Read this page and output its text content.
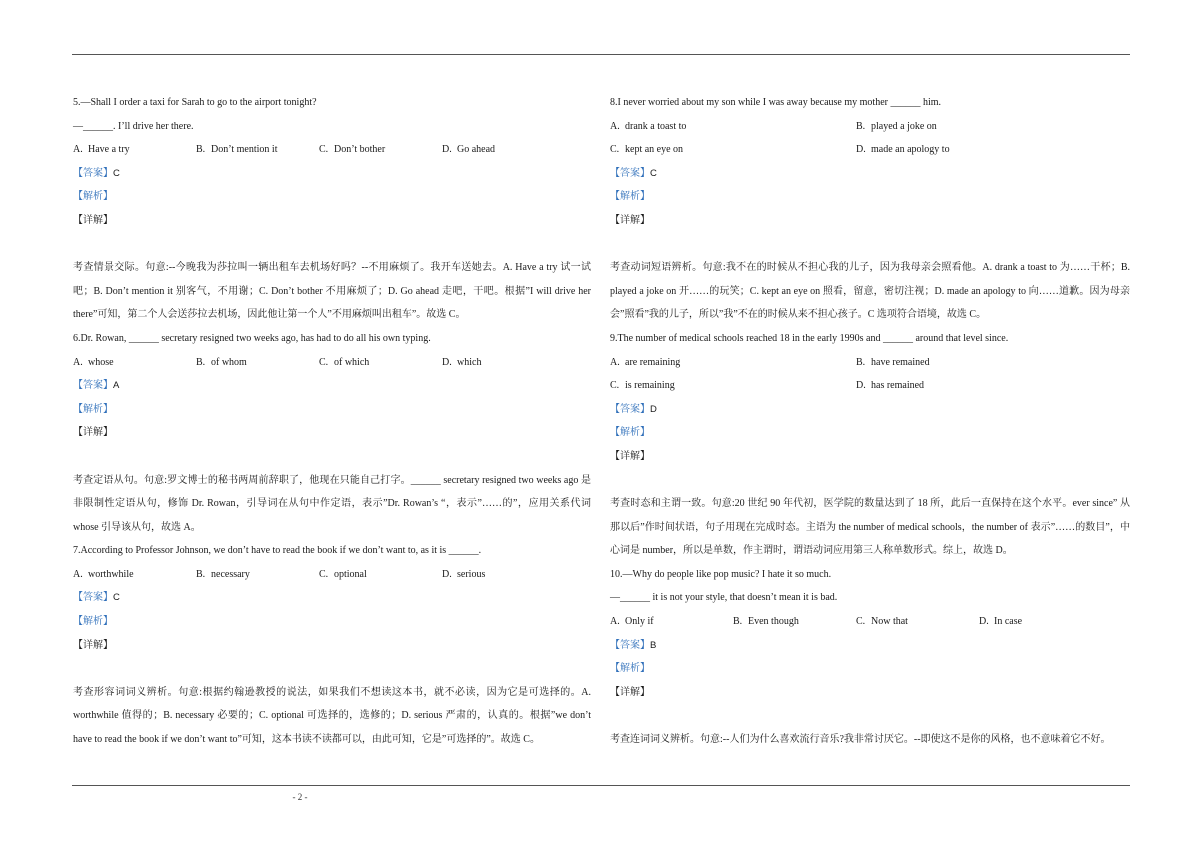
5.—Shall I order a taxi for Sarah to go to the airport tonight?
—______. I’ll drive her there.
A. Have a try	B. Don’t mention it	C. Don’t bother	D. Go ahead
【答案】C
【解析】
【详解】
考查情景交际。句意:--今晚我为莎拉叫一辆出租车去机场好吗？--不用麻烦了。我开车送她去。A. Have a try 试一试吧；B. Don’t mention it 别客气，不用谢；C. Don’t bother 不用麻烦了；D. Go ahead 走吧，干吧。根据”I will drive her there”可知，第二个人会送莎拉去机场，因此他让第一个人”不用麻烦叫出租车”。故选 C。
6.Dr. Rowan, ______ secretary resigned two weeks ago, has had to do all his own typing.
A. whose	B. of whom	C. of which	D. which
【答案】A
【解析】
【详解】
考查定语从句。句意:罗文博士的秘书两周前辞职了，他现在只能自己打字。______ secretary resigned two weeks ago 是非限制性定语从句，修饰 Dr. Rowan，引导词在从句中作定语，表示”Dr. Rowan’s “，表示”……的”，应用关系代词 whose 引导该从句，故选 A。
7.According to Professor Johnson, we don’t have to read the book if we don’t want to, as it is ______.
A. worthwhile	B. necessary	C. optional	D. serious
【答案】C
【解析】
【详解】
考查形容词词义辨析。句意:根据约翰逊教授的说法，如果我们不想读这本书，就不必读，因为它是可选择的。A. worthwhile 值得的；B. necessary 必要的；C. optional 可选择的，选修的；D. serious 严肃的，认真的。根据”we don’t have to read the book if we don’t want to”可知，这本书读不读都可以，由此可知，它是”可选择的”。故选 C。
8.I never worried about my son while I was away because my mother ______ him.
A. drank a toast to	B. played a joke on
C. kept an eye on	D. made an apology to
【答案】C
【解析】
【详解】
考查动词短语辨析。句意:我不在的时候从不担心我的儿子，因为我母亲会照看他。A. drank a toast to 为……干杯；B. played a joke on 开……的玩笑；C. kept an eye on 照看，留意，密切注视；D. made an apology to 向……道歉。因为母亲会”照看”我的儿子，所以”我”不在的时候从来不担心孩子。C 选项符合语境，故选 C。
9.The number of medical schools reached 18 in the early 1990s and ______ around that level since.
A. are remaining	B. have remained
C. is remaining	D. has remained
【答案】D
【解析】
【详解】
考查时态和主谓一致。句意:20 世纪 90 年代初，医学院的数量达到了 18 所，此后一直保持在这个水平。ever since” 从那以后”作时间状语，句子用现在完成时态。主语为 the number of medical schools，the number of 表示”……的数目”，中心词是 number，所以是单数，作主谓时，谓语动词应用第三人称单数形式。综上，故选 D。
10.—Why do people like pop music? I hate it so much.
—______ it is not your style, that doesn’t mean it is bad.
A. Only if	B. Even though	C. Now that	D. In case
【答案】B
【解析】
【详解】
考查连词词义辨析。句意:--人们为什么喜欢流行音乐?我非常讨厌它。--即使这不是你的风格，也不意味着它不好。
- 2 -
